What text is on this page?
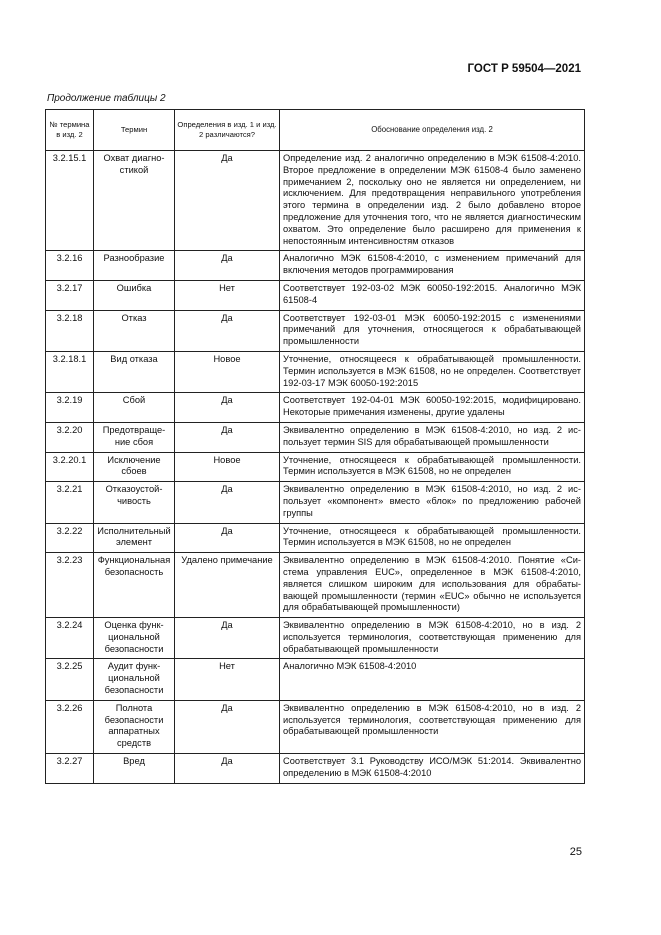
ГОСТ Р 59504—2021
Продолжение таблицы 2
№ термина в изд. 2	Термин	Определения в изд. 1 и изд. 2 различаются?	Обоснование определения изд. 2
3.2.15.1	Охват диагностикой	Да	Определение изд. 2 аналогично определению в МЭК 61508-4:2010. Второе предложение в определении МЭК 61508-4 было заменено примечанием 2, поскольку оно не является ни определением, ни исключением. Для предотвращения неправильного употребления этого термина в определении изд. 2 было добавлено второе предложение для уточнения того, что не является диагностическим охватом. Это определение было расширено для применения к непостоянным интенсивностям отказов
3.2.16	Разнообразие	Да	Аналогично МЭК 61508-4:2010, с изменением примечаний для включения методов программирования
3.2.17	Ошибка	Нет	Соответствует 192-03-02 МЭК 60050-192:2015. Аналогично МЭК 61508-4
3.2.18	Отказ	Да	Соответствует 192-03-01 МЭК 60050-192:2015 с изменениями примечаний для уточнения, относящегося к обрабатывающей промышленности
3.2.18.1	Вид отказа	Новое	Уточнение, относящееся к обрабатывающей промышленности. Термин используется в МЭК 61508, но не определен. Соответствует 192-03-17 МЭК 60050-192:2015
3.2.19	Сбой	Да	Соответствует 192-04-01 МЭК 60050-192:2015, модифицировано. Некоторые примечания изменены, другие удалены
3.2.20	Предотвращение сбоя	Да	Эквивалентно определению в МЭК 61508-4:2010, но изд. 2 использует термин SIS для обрабатывающей промышленности
3.2.20.1	Исключение сбоев	Новое	Уточнение, относящееся к обрабатывающей промышленности. Термин используется в МЭК 61508, но не определен
3.2.21	Отказоустойчивость	Да	Эквивалентно определению в МЭК 61508-4:2010, но изд. 2 использует «компонент» вместо «блок» по предложению рабочей группы
3.2.22	Исполнительный элемент	Да	Уточнение, относящееся к обрабатывающей промышленности. Термин используется в МЭК 61508, но не определен
3.2.23	Функциональная безопасность	Удалено примечание	Эквивалентно определению в МЭК 61508-4:2010. Понятие «Система управления EUC», определенное в МЭК 61508-4:2010, является слишком широким для использования для обрабатывающей промышленности (термин «EUC» обычно не используется для обрабатывающей промышленности)
3.2.24	Оценка функциональной безопасности	Да	Эквивалентно определению в МЭК 61508-4:2010, но в изд. 2 используется терминология, соответствующая применению для обрабатывающей промышленности
3.2.25	Аудит функциональной безопасности	Нет	Аналогично МЭК 61508-4:2010
3.2.26	Полнота безопасности аппаратных средств	Да	Эквивалентно определению в МЭК 61508-4:2010, но в изд. 2 используется терминология, соответствующая применению для обрабатывающей промышленности
3.2.27	Вред	Да	Соответствует 3.1 Руководству ИСО/МЭК 51:2014. Эквивалентно определению в МЭК 61508-4:2010
25
